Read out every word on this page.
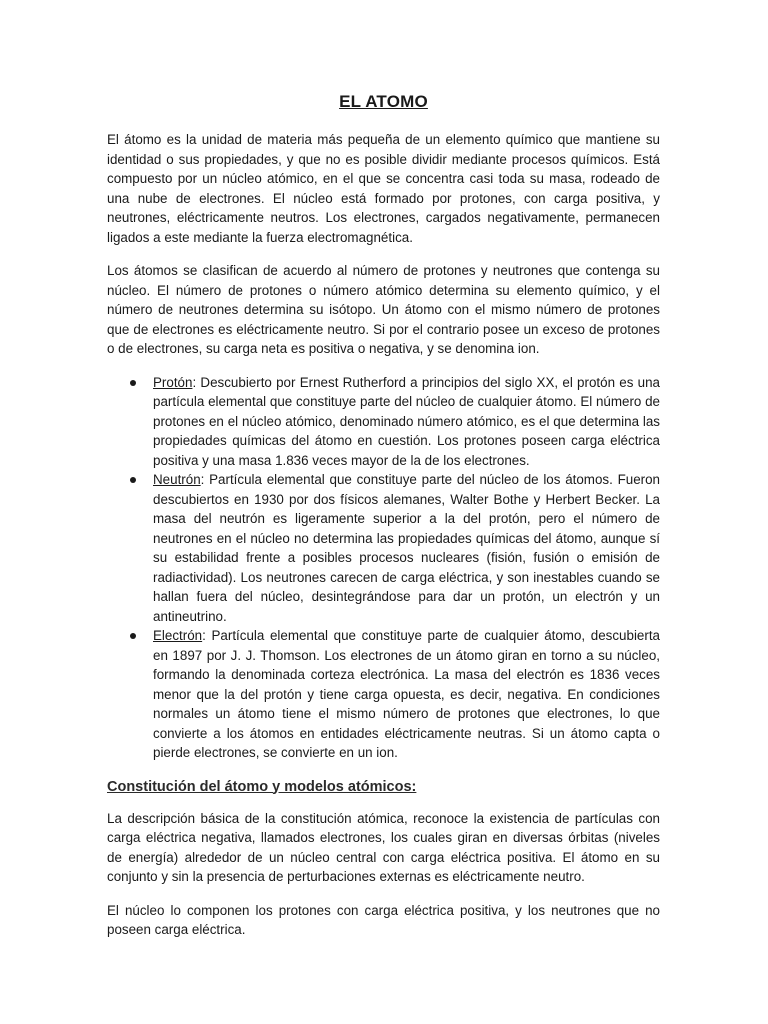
EL ATOMO

El átomo es la unidad de materia más pequeña de un elemento químico que mantiene su identidad o sus propiedades, y que no es posible dividir mediante procesos químicos. Está compuesto por un núcleo atómico, en el que se concentra casi toda su masa, rodeado de una nube de electrones. El núcleo está formado por protones, con carga positiva, y neutrones, eléctricamente neutros. Los electrones, cargados negativamente, permanecen ligados a este mediante la fuerza electromagnética.

Los átomos se clasifican de acuerdo al número de protones y neutrones que contenga su núcleo. El número de protones o número atómico determina su elemento químico, y el número de neutrones determina su isótopo. Un átomo con el mismo número de protones que de electrones es eléctricamente neutro. Si por el contrario posee un exceso de protones o de electrones, su carga neta es positiva o negativa, y se denomina ion.

Protón: Descubierto por Ernest Rutherford a principios del siglo XX, el protón es una partícula elemental que constituye parte del núcleo de cualquier átomo. El número de protones en el núcleo atómico, denominado número atómico, es el que determina las propiedades químicas del átomo en cuestión. Los protones poseen carga eléctrica positiva y una masa 1.836 veces mayor de la de los electrones.
Neutrón: Partícula elemental que constituye parte del núcleo de los átomos. Fueron descubiertos en 1930 por dos físicos alemanes, Walter Bothe y Herbert Becker. La masa del neutrón es ligeramente superior a la del protón, pero el número de neutrones en el núcleo no determina las propiedades químicas del átomo, aunque sí su estabilidad frente a posibles procesos nucleares (fisión, fusión o emisión de radiactividad). Los neutrones carecen de carga eléctrica, y son inestables cuando se hallan fuera del núcleo, desintegrándose para dar un protón, un electrón y un antineutrino.
Electrón: Partícula elemental que constituye parte de cualquier átomo, descubierta en 1897 por J. J. Thomson. Los electrones de un átomo giran en torno a su núcleo, formando la denominada corteza electrónica. La masa del electrón es 1836 veces menor que la del protón y tiene carga opuesta, es decir, negativa. En condiciones normales un átomo tiene el mismo número de protones que electrones, lo que convierte a los átomos en entidades eléctricamente neutras. Si un átomo capta o pierde electrones, se convierte en un ion.
Constitución del átomo y modelos atómicos:

La descripción básica de la constitución atómica, reconoce la existencia de partículas con carga eléctrica negativa, llamados electrones, los cuales giran en diversas órbitas (niveles de energía) alrededor de un núcleo central con carga eléctrica positiva. El átomo en su conjunto y sin la presencia de perturbaciones externas es eléctricamente neutro.

El núcleo lo componen los protones con carga eléctrica positiva, y los neutrones que no poseen carga eléctrica.
